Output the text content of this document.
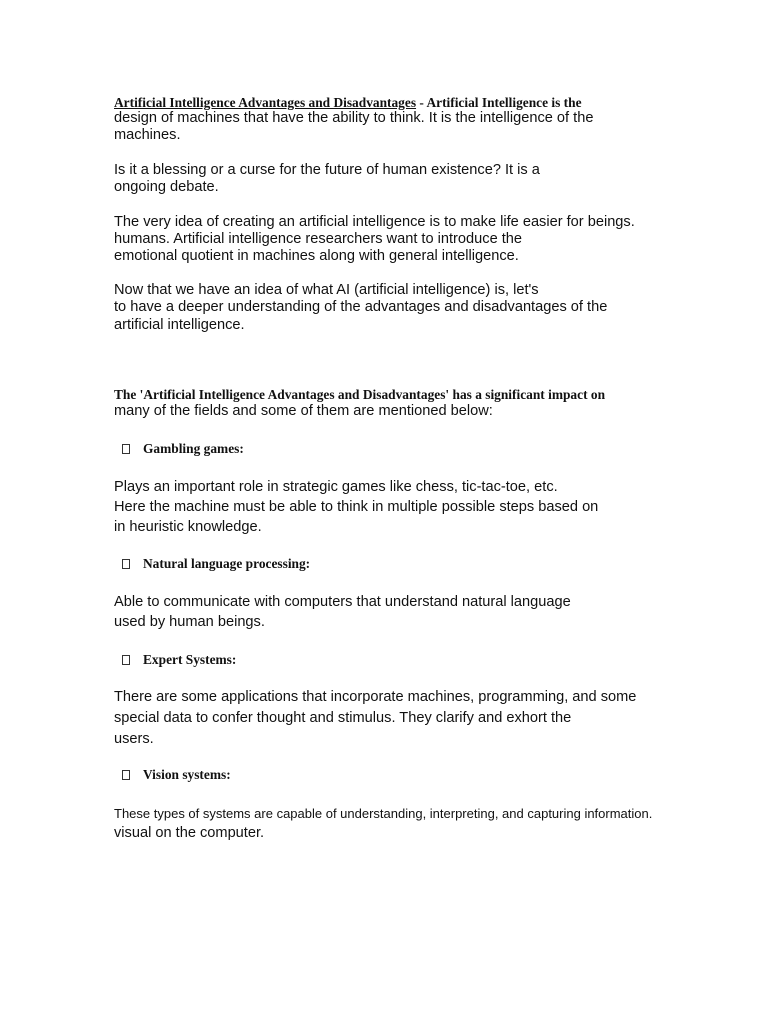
Artificial Intelligence Advantages and Disadvantages - Artificial Intelligence is the
design of machines that have the ability to think. It is the intelligence of the
machines.
Is it a blessing or a curse for the future of human existence? It is a
ongoing debate.
The very idea of creating an artificial intelligence is to make life easier for beings.
humans. Artificial intelligence researchers want to introduce the
emotional quotient in machines along with general intelligence.
Now that we have an idea of what AI (artificial intelligence) is, let's
to have a deeper understanding of the advantages and disadvantages of the
artificial intelligence.
The 'Artificial Intelligence Advantages and Disadvantages' has a significant impact on
many of the fields and some of them are mentioned below:
Gambling games:
Plays an important role in strategic games like chess, tic-tac-toe, etc.
Here the machine must be able to think in multiple possible steps based on
in heuristic knowledge.
Natural language processing:
Able to communicate with computers that understand natural language
used by human beings.
Expert Systems:
There are some applications that incorporate machines, programming, and some
special data to confer thought and stimulus. They clarify and exhort the
users.
Vision systems:
These types of systems are capable of understanding, interpreting, and capturing information.
visual on the computer.
